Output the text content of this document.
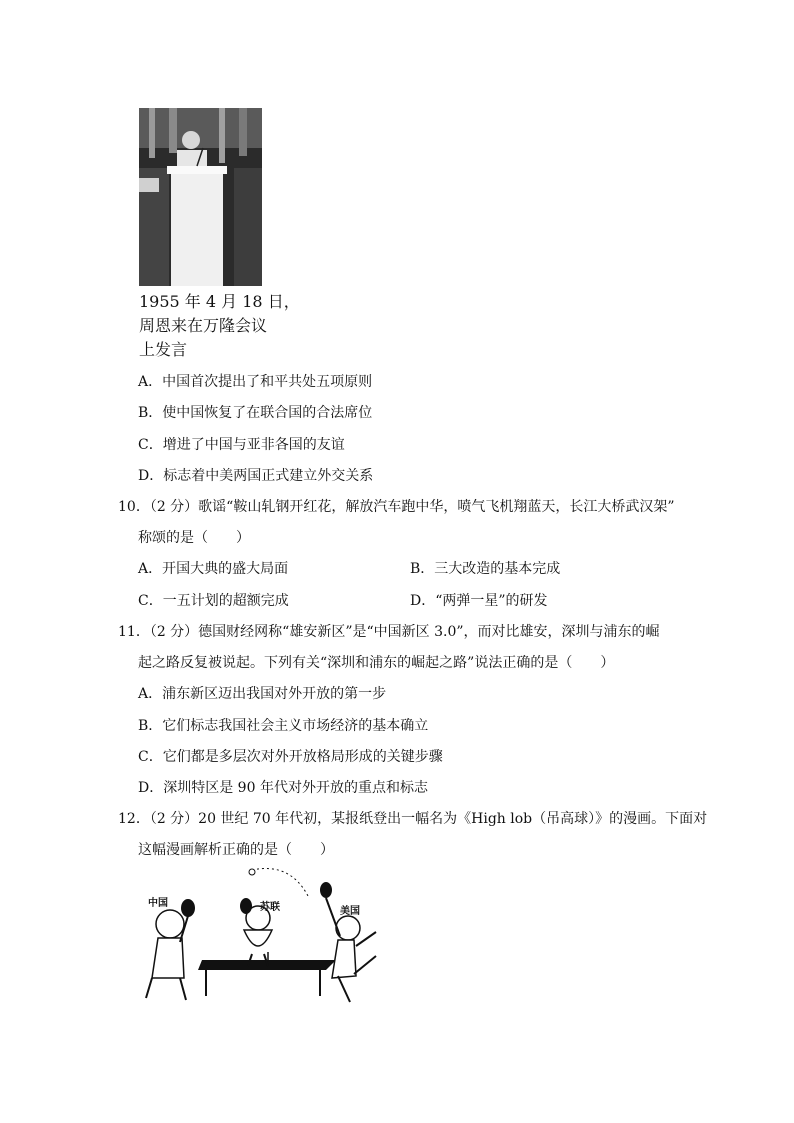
1955 年 4 月 18 日，
周恩来在万隆会议
上发言
A．中国首次提出了和平共处五项原则
B．使中国恢复了在联合国的合法席位
C．增进了中国与亚非各国的友谊
D．标志着中美两国正式建立外交关系
10．（2 分）歌谣“鞍山轧钢开红花，解放汽车跑中华，喷气飞机翔蓝天，长江大桥武汉架”
称颂的是（　　）
A．开国大典的盛大局面	B．三大改造的基本完成
C．一五计划的超额完成	D．“两弹一星”的研发
11．（2 分）德国财经网称“雄安新区”是“中国新区 3.0”，而对比雄安，深圳与浦东的崛
起之路反复被说起。下列有关“深圳和浦东的崛起之路”说法正确的是（　　）
A．浦东新区迈出我国对外开放的第一步
B．它们标志我国社会主义市场经济的基本确立
C．它们都是多层次对外开放格局形成的关键步骤
D．深圳特区是 90 年代对外开放的重点和标志
12．（2 分）20 世纪 70 年代初，某报纸登出一幅名为《High lob（吊高球）》的漫画。下面对
这幅漫画解析正确的是（　　）
中国	苏联	美国
